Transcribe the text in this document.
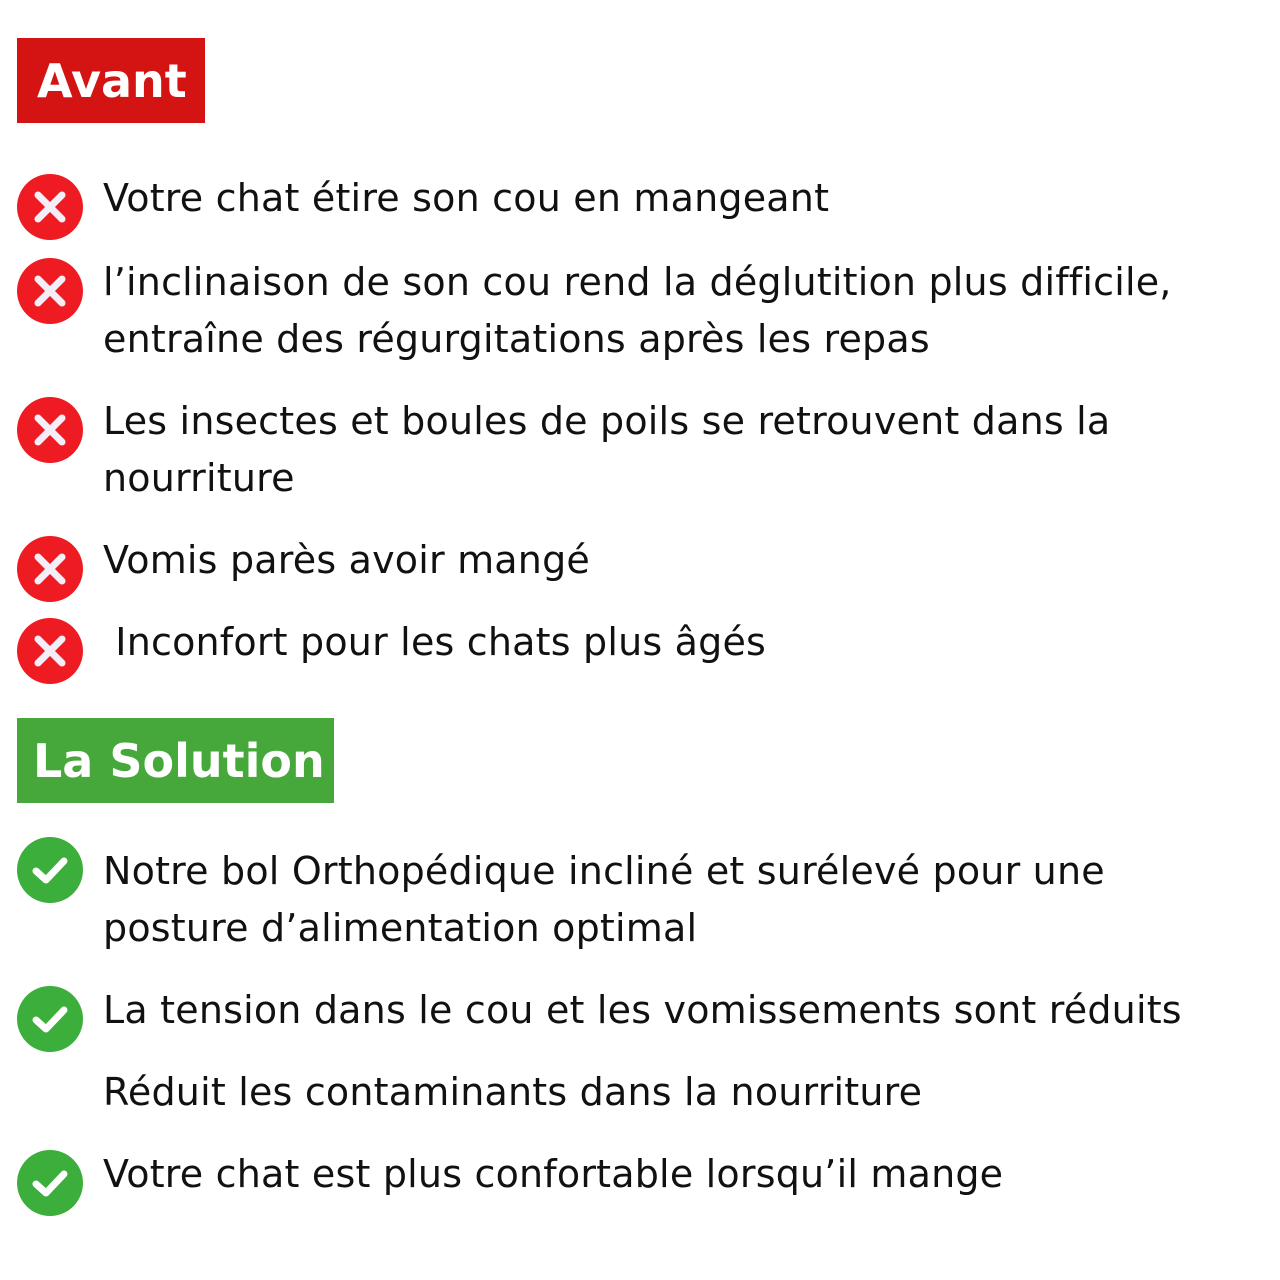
Avant
Votre chat étire son cou en mangeant
l’inclinaison de son cou rend la déglutition plus difficile,
entraîne des régurgitations après les repas
Les insectes et boules de poils se retrouvent dans la
nourriture
Vomis parès avoir mangé
Inconfort pour les chats plus âgés
La Solution
Notre bol Orthopédique incliné et surélevé pour une
posture d’alimentation optimal
La tension dans le cou et les vomissements sont réduits
Réduit les contaminants dans la nourriture
Votre chat est plus confortable lorsqu’il mange
